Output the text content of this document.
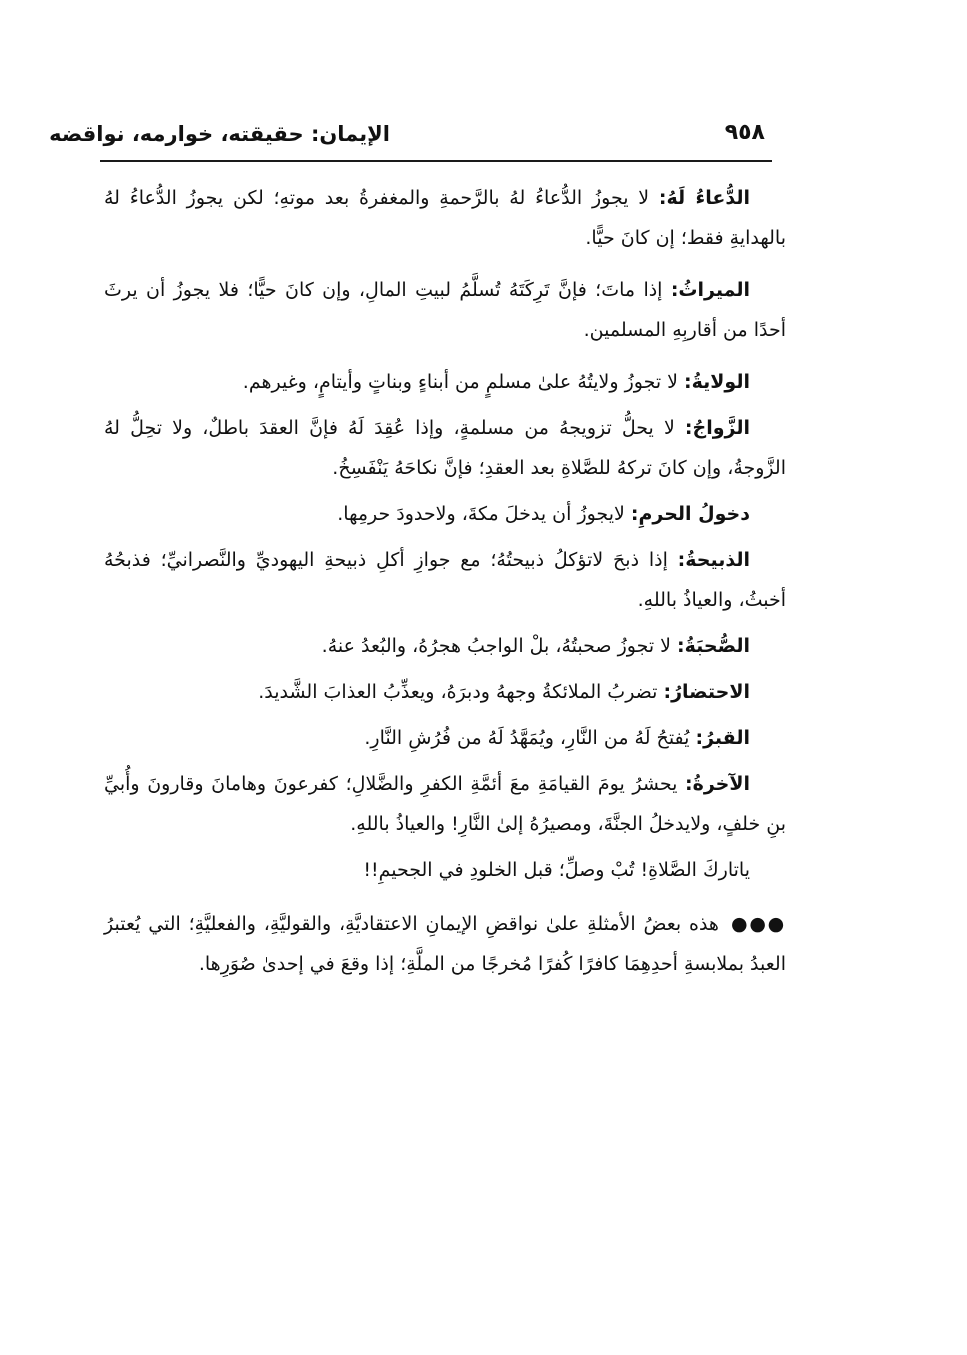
الإيمان: حقيقته، خوارمه، نواقضه	٩٥٨

الدُّعاءُ لَهُ: لا يجوزُ الدُّعاءُ لهُ بالرَّحمةِ والمغفرةُ بعد موتهِ؛ لكن يجوزُ الدُّعاءُ لهُ بالهدايةِ فقط؛ إن كانَ حيًّا.

الميراثُ: إذا ماتَ؛ فإنَّ تَرِكَتَهُ تُسلَّمُ لبيتِ المالِ، وإن كانَ حيًّا؛ فلا يجوزُ أن يرثَ أحدًا من أقاربِهِ المسلمين.

الولايةُ: لا تجوزُ ولايتُهُ علىٰ مسلمٍ من أبناءٍ وبناتٍ وأيتامٍ، وغيرهم.

الزَّواجُ: لا يحلُّ تزويجهُ من مسلمةٍ، وإذا عُقِدَ لَهُ فإنَّ العقدَ باطلٌ، ولا تحِلُّ لهُ الزَّوجةُ، وإن كانَ تركهُ للصَّلاةِ بعد العقدِ؛ فإنَّ نكاحَهُ يَنْفَسِخُ.

دخولُ الحرمِ: لايجوزُ أن يدخلَ مكةَ، ولاحدودَ حرمِها.

الذبيحةُ: إذا ذبحَ لاتؤكلُ ذبيحتُهُ؛ مع جوازِ أكلِ ذبيحةِ اليهوديِّ والنَّصرانيِّ؛ فذبحُهُ أخبثُ، والعياذُ باللهِ.

الصُّحبَةُ: لا تجوزُ صحبتُهُ، بلْ الواجبُ هجرُهُ، والبُعدُ عنهُ.

الاحتضارُ: تضربُ الملائكةُ وجههُ ودبرَهُ، ويعذِّبُ العذابَ الشَّديدَ.

القبرُ: يُفتحُ لَهُ من النَّارِ، ويُمَهَّدُ لَهُ من فُرُشِ النَّارِ.

الآخرةُ: يحشرُ يومَ القيامَةِ معَ أئمَّةِ الكفرِ والضَّلالِ؛ كفرعونَ وهامانَ وقارونَ وأُبيِّ بنِ خلفٍ، ولايدخلُ الجنَّةَ، ومصيرُهُ إلىٰ النَّارِ! والعياذُ باللهِ.

ياتاركَ الصَّلاةِ! تُبْ وصلِّ؛ قبل الخلودِ في الجحيمِ!!

●●● هذه بعضُ الأمثلةِ علىٰ نواقضِ الإيمانِ الاعتقاديَّةِ، والقوليَّةِ، والفعليَّةِ؛ التي يُعتبرُ العبدُ بملابسةِ أحدِهِمَا كافرًا كُفرًا مُخرجًا من الملَّةِ؛ إذا وقعَ في إحدىٰ صُوَرِها.
